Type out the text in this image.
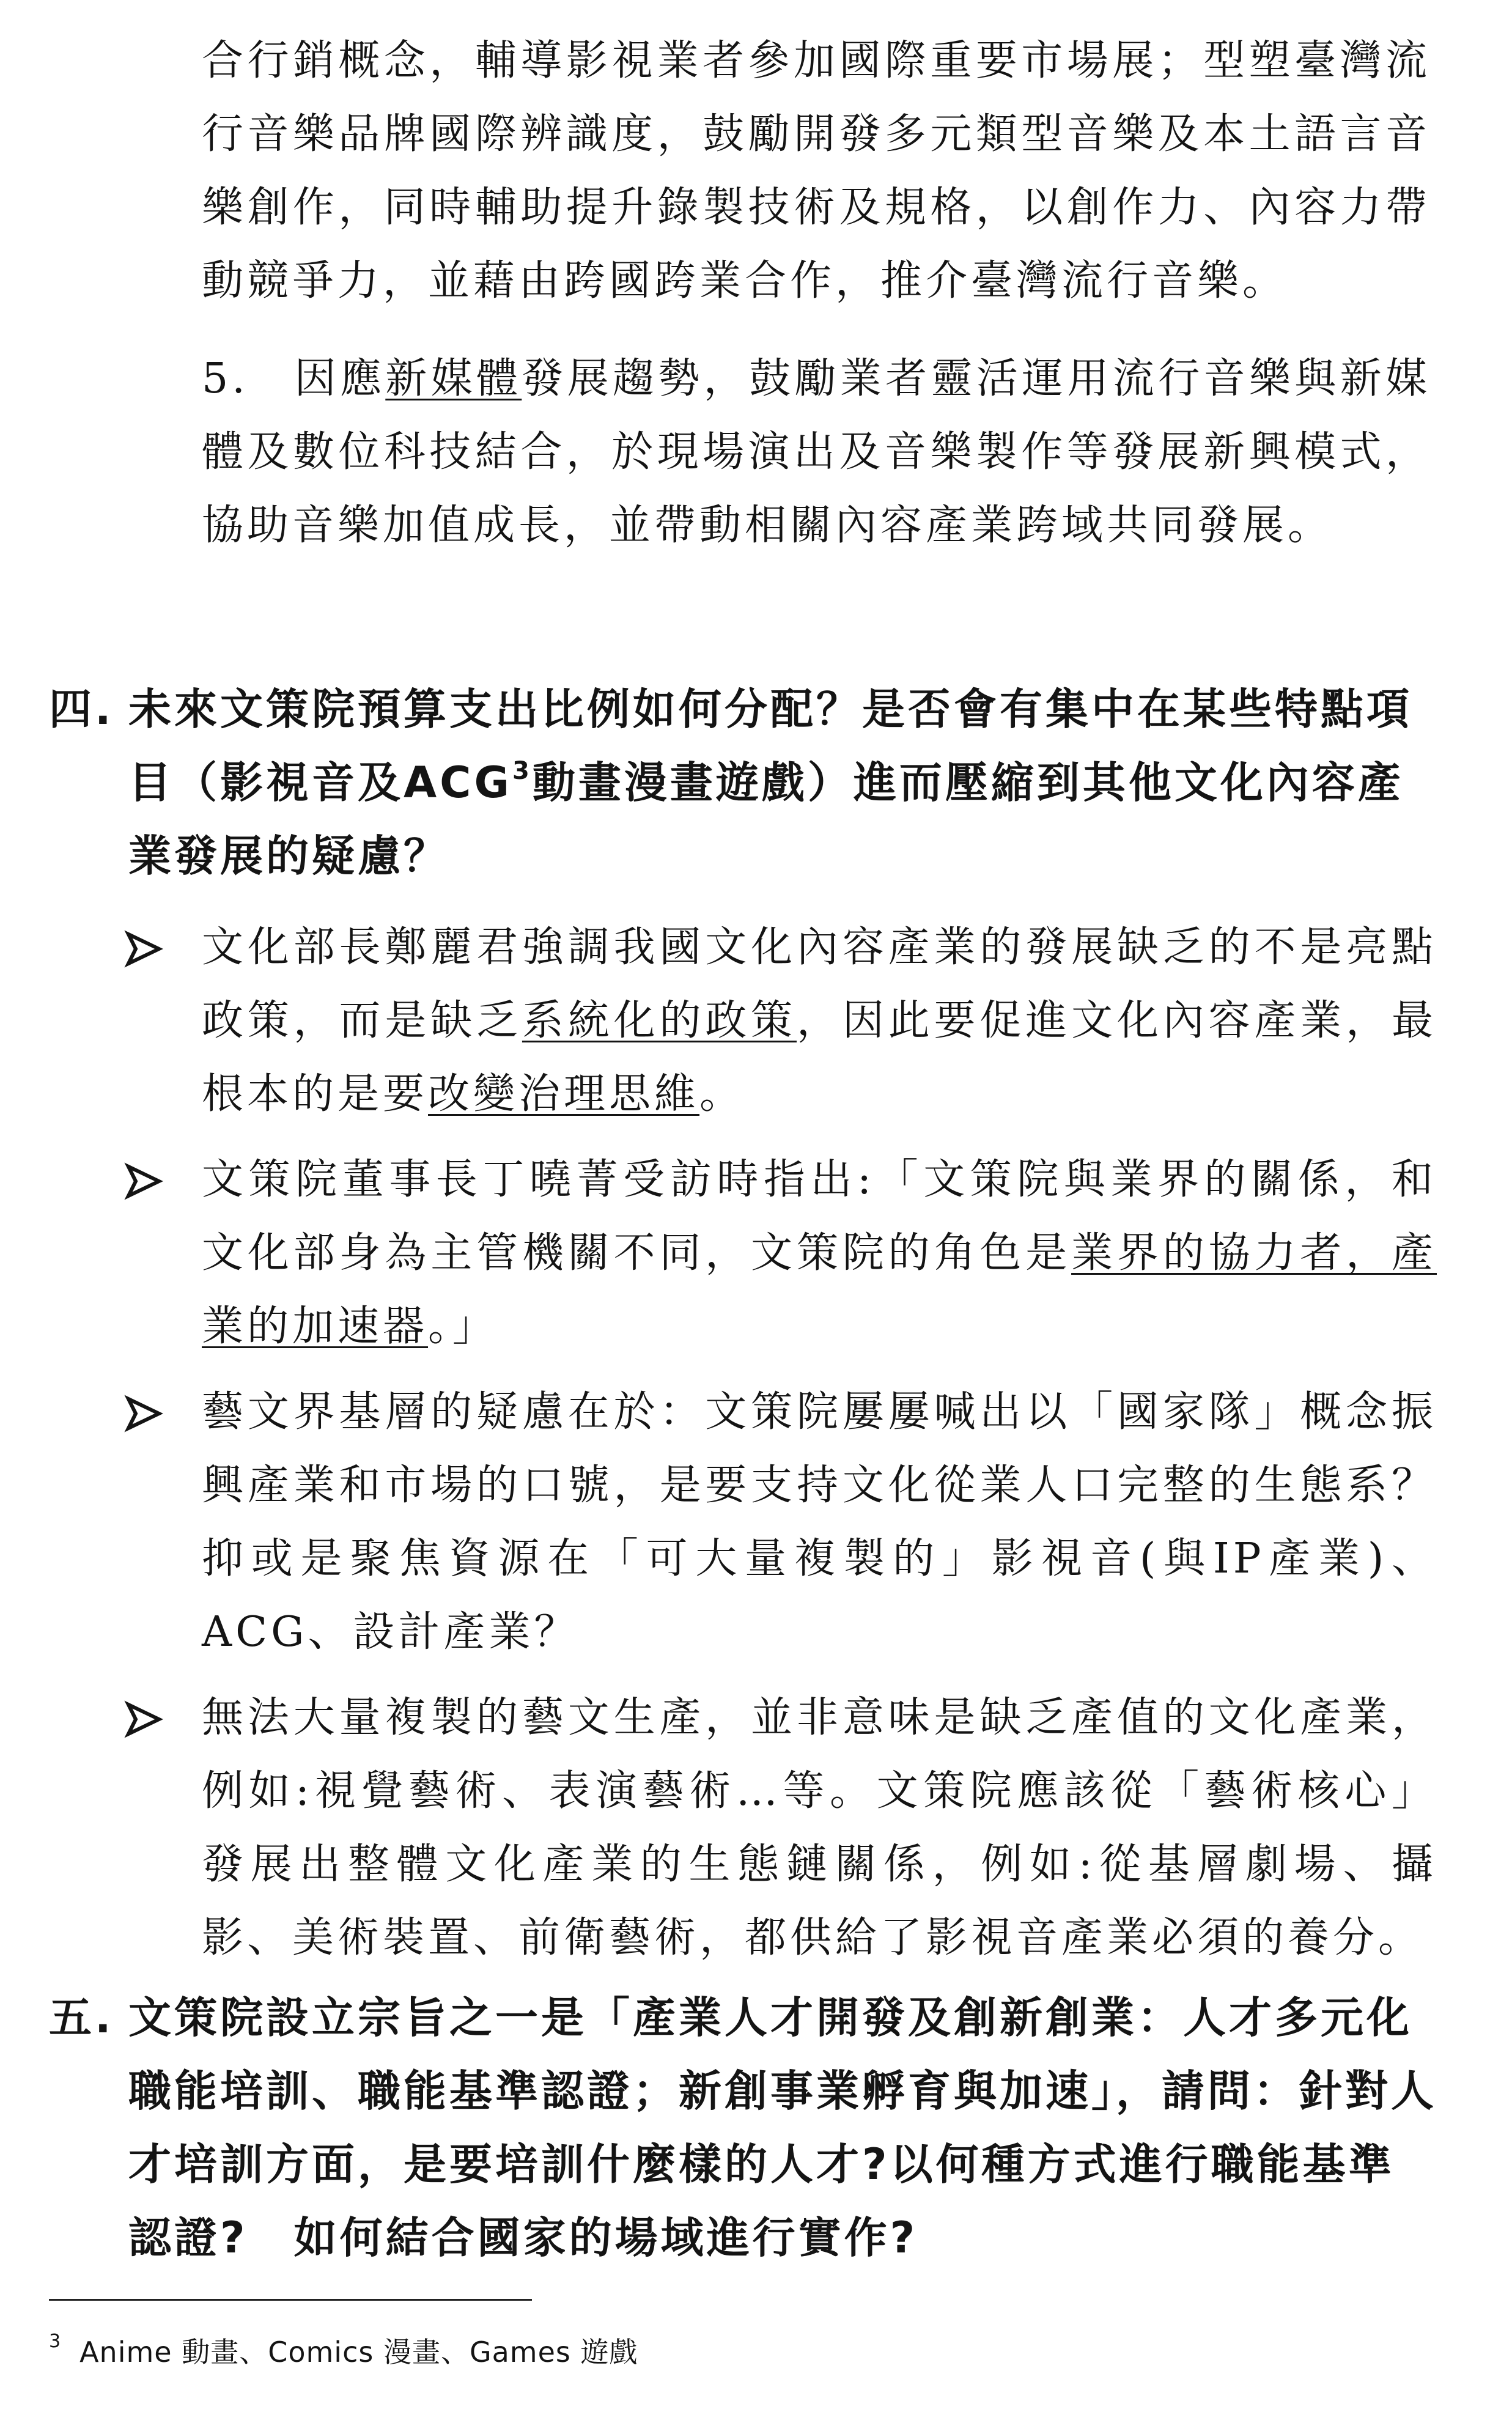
合行銷概念，輔導影視業者參加國際重要市場展；型塑臺灣流行音樂品牌國際辨識度，鼓勵開發多元類型音樂及本土語言音樂創作，同時輔助提升錄製技術及規格，以創作力、內容力帶動競爭力，並藉由跨國跨業合作，推介臺灣流行音樂。

5.　 因應新媒體發展趨勢，鼓勵業者靈活運用流行音樂與新媒體及數位科技結合，於現場演出及音樂製作等發展新興模式，協助音樂加值成長，並帶動相關內容產業跨域共同發展。

四. 未來文策院預算支出比例如何分配？是否會有集中在某些特點項目（影視音及ACG$^3$動畫漫畫遊戲）進而壓縮到其他文化內容產業發展的疑慮？
文化部長鄭麗君強調我國文化內容產業的發展缺乏的不是亮點政策，而是缺乏系統化的政策，因此要促進文化內容產業，最根本的是要改變治理思維。
文策院董事長丁曉菁受訪時指出:「文策院與業界的關係，和文化部身為主管機關不同，文策院的角色是業界的協力者，產業的加速器。」
藝文界基層的疑慮在於：文策院屢屢喊出以「國家隊」概念振興產業和市場的口號，是要支持文化從業人口完整的生態系？抑或是聚焦資源在「可大量複製的」影視音(與IP產業)、ACG、設計產業？
無法大量複製的藝文生產，並非意味是缺乏產值的文化產業，例如:視覺藝術、表演藝術…等。文策院應該從「藝術核心」發展出整體文化產業的生態鏈關係，例如:從基層劇場、攝影、美術裝置、前衛藝術，都供給了影視音產業必須的養分。
五. 文策院設立宗旨之一是「產業人才開發及創新創業：人才多元化職能培訓、職能基準認證；新創事業孵育與加速」，請問：針對人才培訓方面，是要培訓什麼樣的人才?以何種方式進行職能基準認證?　如何結合國家的場域進行實作?
$^3$ Anime 動畫、Comics 漫畫、Games 遊戲
